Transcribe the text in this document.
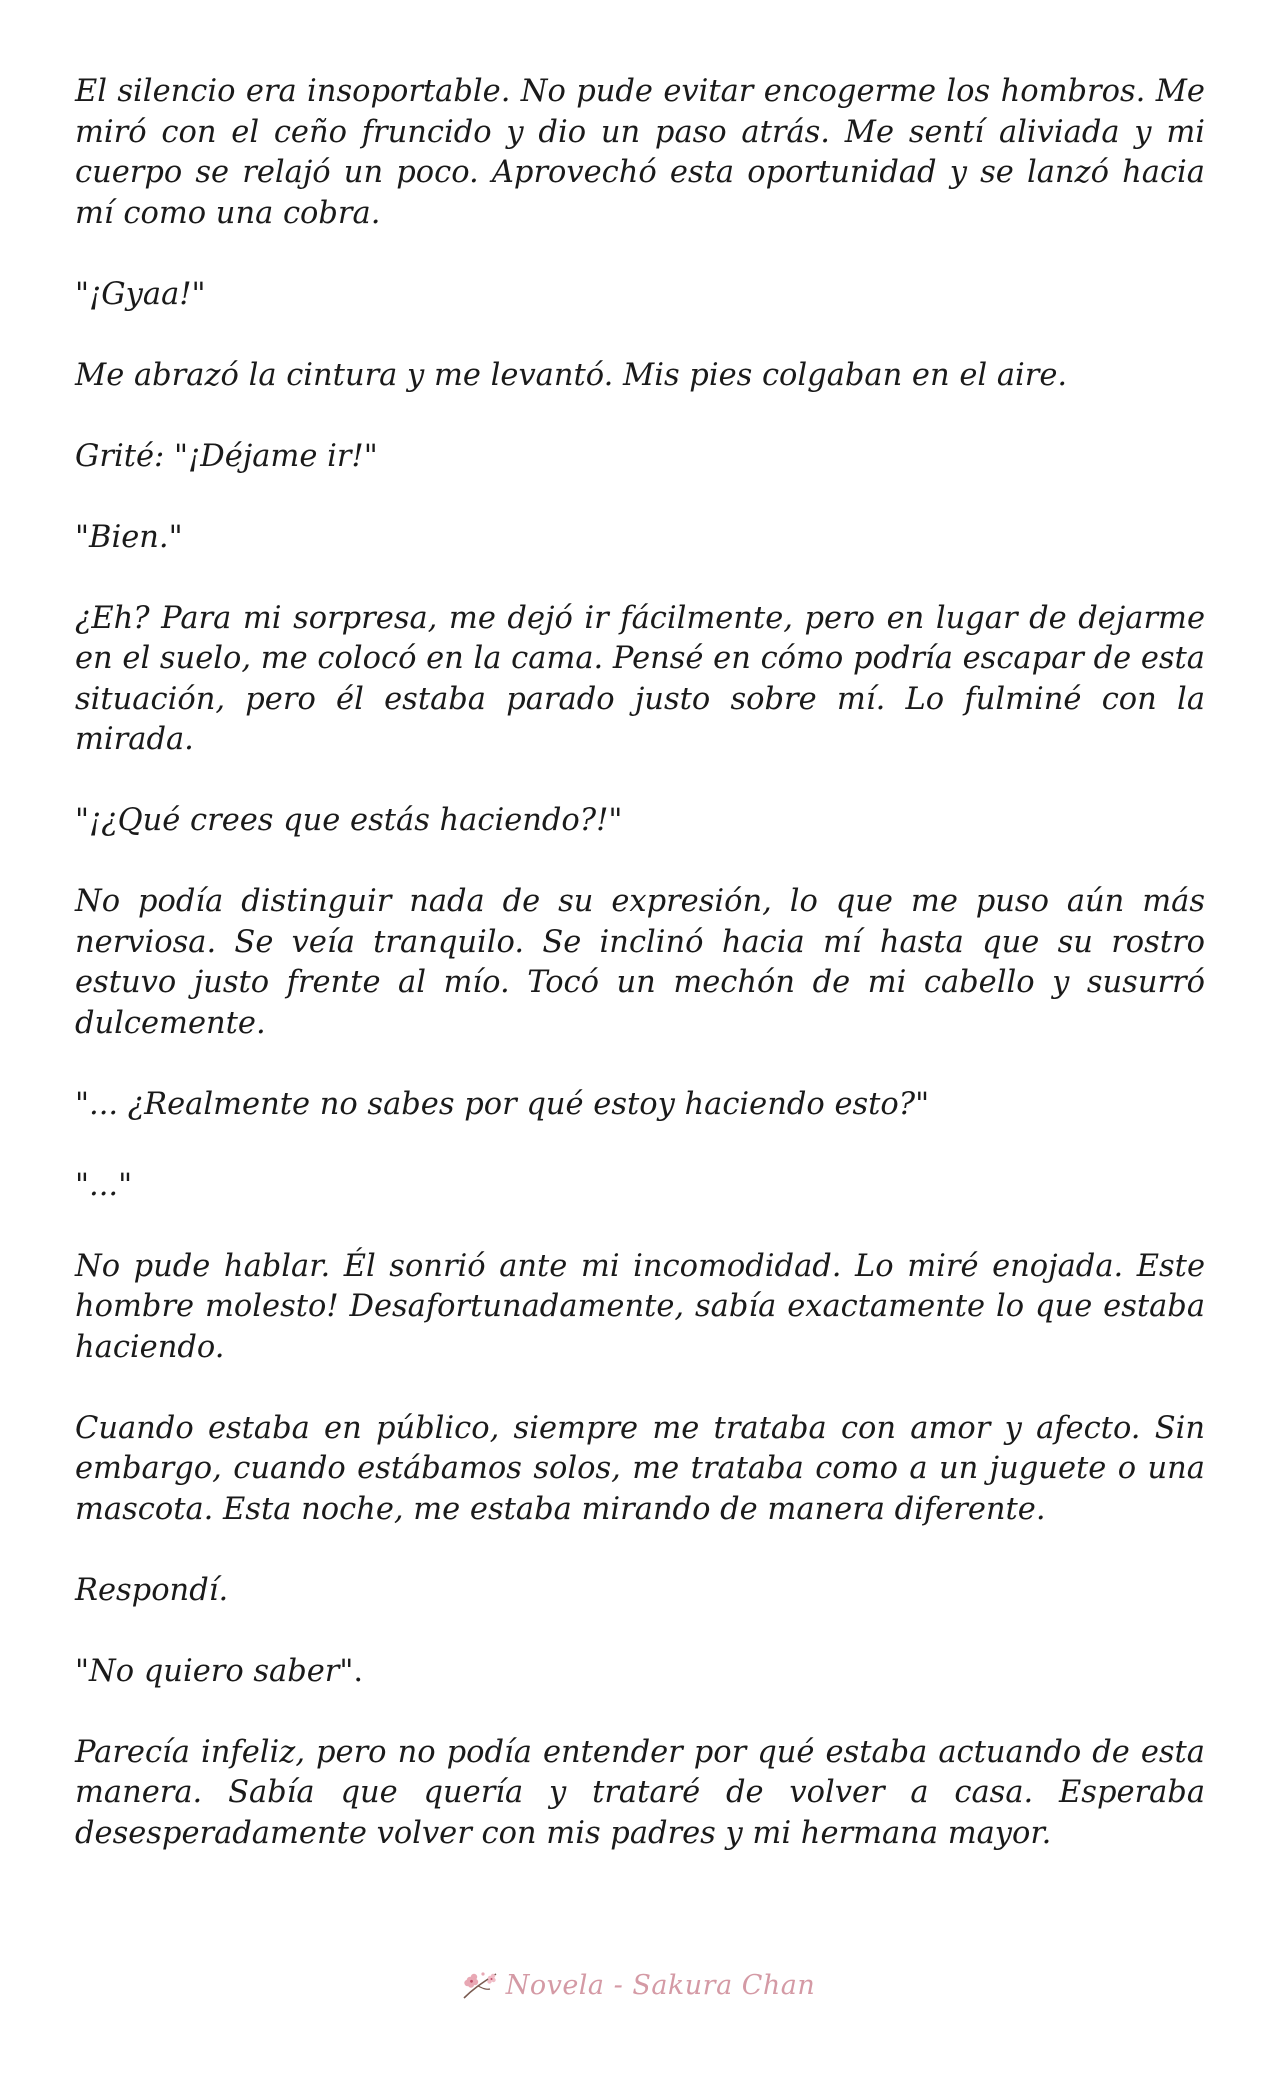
El silencio era insoportable. No pude evitar encogerme los hombros. Me miró con el ceño fruncido y dio un paso atrás. Me sentí aliviada y mi cuerpo se relajó un poco. Aprovechó esta oportunidad y se lanzó hacia mí como una cobra.

"¡Gyaa!"

Me abrazó la cintura y me levantó. Mis pies colgaban en el aire.

Grité: "¡Déjame ir!"

"Bien."

¿Eh? Para mi sorpresa, me dejó ir fácilmente, pero en lugar de dejarme en el suelo, me colocó en la cama. Pensé en cómo podría escapar de esta situación, pero él estaba parado justo sobre mí. Lo fulminé con la mirada.

"¡¿Qué crees que estás haciendo?!"

No podía distinguir nada de su expresión, lo que me puso aún más nerviosa. Se veía tranquilo. Se inclinó hacia mí hasta que su rostro estuvo justo frente al mío. Tocó un mechón de mi cabello y susurró dulcemente.

"... ¿Realmente no sabes por qué estoy haciendo esto?"

"..."

No pude hablar. Él sonrió ante mi incomodidad. Lo miré enojada. Este hombre molesto! Desafortunadamente, sabía exactamente lo que estaba haciendo.

Cuando estaba en público, siempre me trataba con amor y afecto. Sin embargo, cuando estábamos solos, me trataba como a un juguete o una mascota. Esta noche, me estaba mirando de manera diferente.

Respondí.

"No quiero saber".

Parecía infeliz, pero no podía entender por qué estaba actuando de esta manera. Sabía que quería y trataré de volver a casa. Esperaba desesperadamente volver con mis padres y mi hermana mayor.

Novela - Sakura Chan
